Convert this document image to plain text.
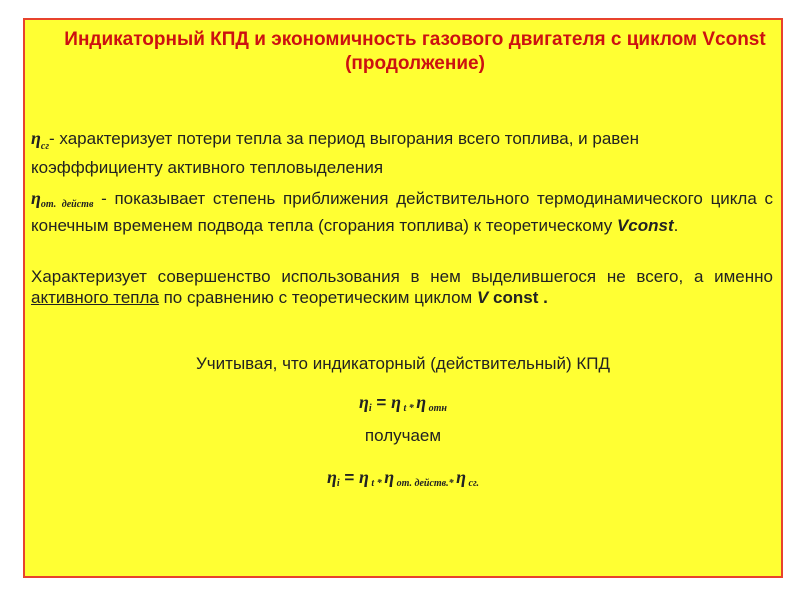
Индикаторный КПД и экономичность газового двигателя с циклом Vconst (продолжение)
$\eta_{сг}-$ характеризует потери тепла за период выгорания всего топлива, и равен коэфффициенту активного тепловыделения
$\eta_{от. действ}$ - показывает степень приближения действительного термодинамического цикла с конечным временем подвода тепла (сгорания топлива) к теоретическому Vconst.
Характеризует совершенство использования в нем выделившегося не всего, а именно активного тепла по сравнению с теоретическим циклом V const .
Учитывая, что индикаторный (действительный) КПД
$\eta_i = \eta$ $_t$ $_*$ η $_{отн}$
получаем
$\eta_i = \eta$ $_t$ $_*$ η $_{от. действ.*}$ η $_{сг.}$
